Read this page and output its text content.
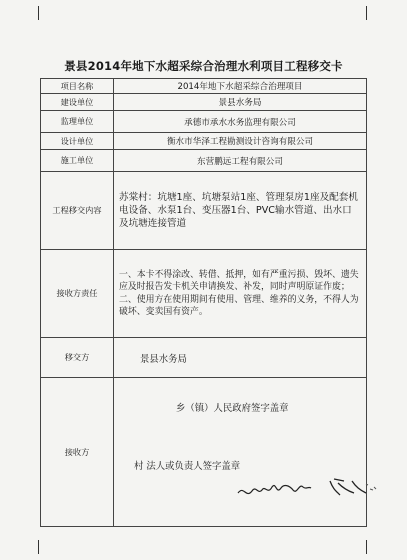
景县2014年地下水超采综合治理水利项目工程移交卡
项目名称	2014年地下水超采综合治理项目
建设单位	景县水务局
监理单位	承德市承水水务监理有限公司
设计单位	衡水市华泽工程勘测设计咨询有限公司
施工单位	东营鹏远工程有限公司
工程移交内容	苏棠村：坑塘1座、坑塘泵站1座、管理泵房1座及配套机电设备、水泵1台、变压器1台、PVC输水管道、出水口及坑塘连接管道
接收方责任	一、本卡不得涂改、转借、抵押，如有严重污损、毁坏、遗失应及时报告发卡机关申请换发、补发，同时声明原证作废；二、使用方在使用期间有使用、管理、维养的义务，不得人为破坏、变卖国有资产。
移交方	景县水务局
接收方	乡（镇）人民政府签字盖章
村 法人或负责人签字盖章
